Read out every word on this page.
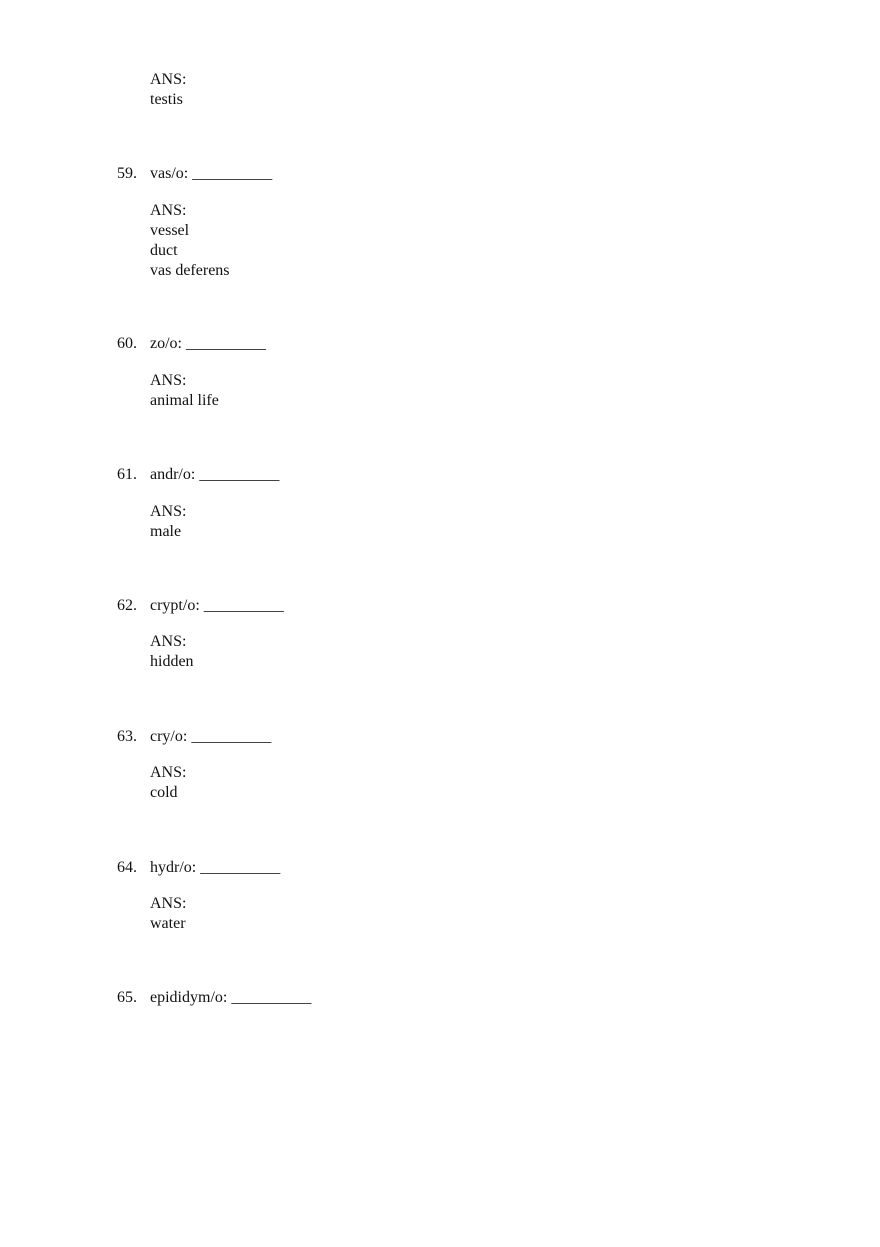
ANS:
testis
59. vas/o: __________
ANS:
vessel
duct
vas deferens
60. zo/o: __________
ANS:
animal life
61. andr/o: __________
ANS:
male
62. crypt/o: __________
ANS:
hidden
63. cry/o: __________
ANS:
cold
64. hydr/o: __________
ANS:
water
65. epididym/o: __________
